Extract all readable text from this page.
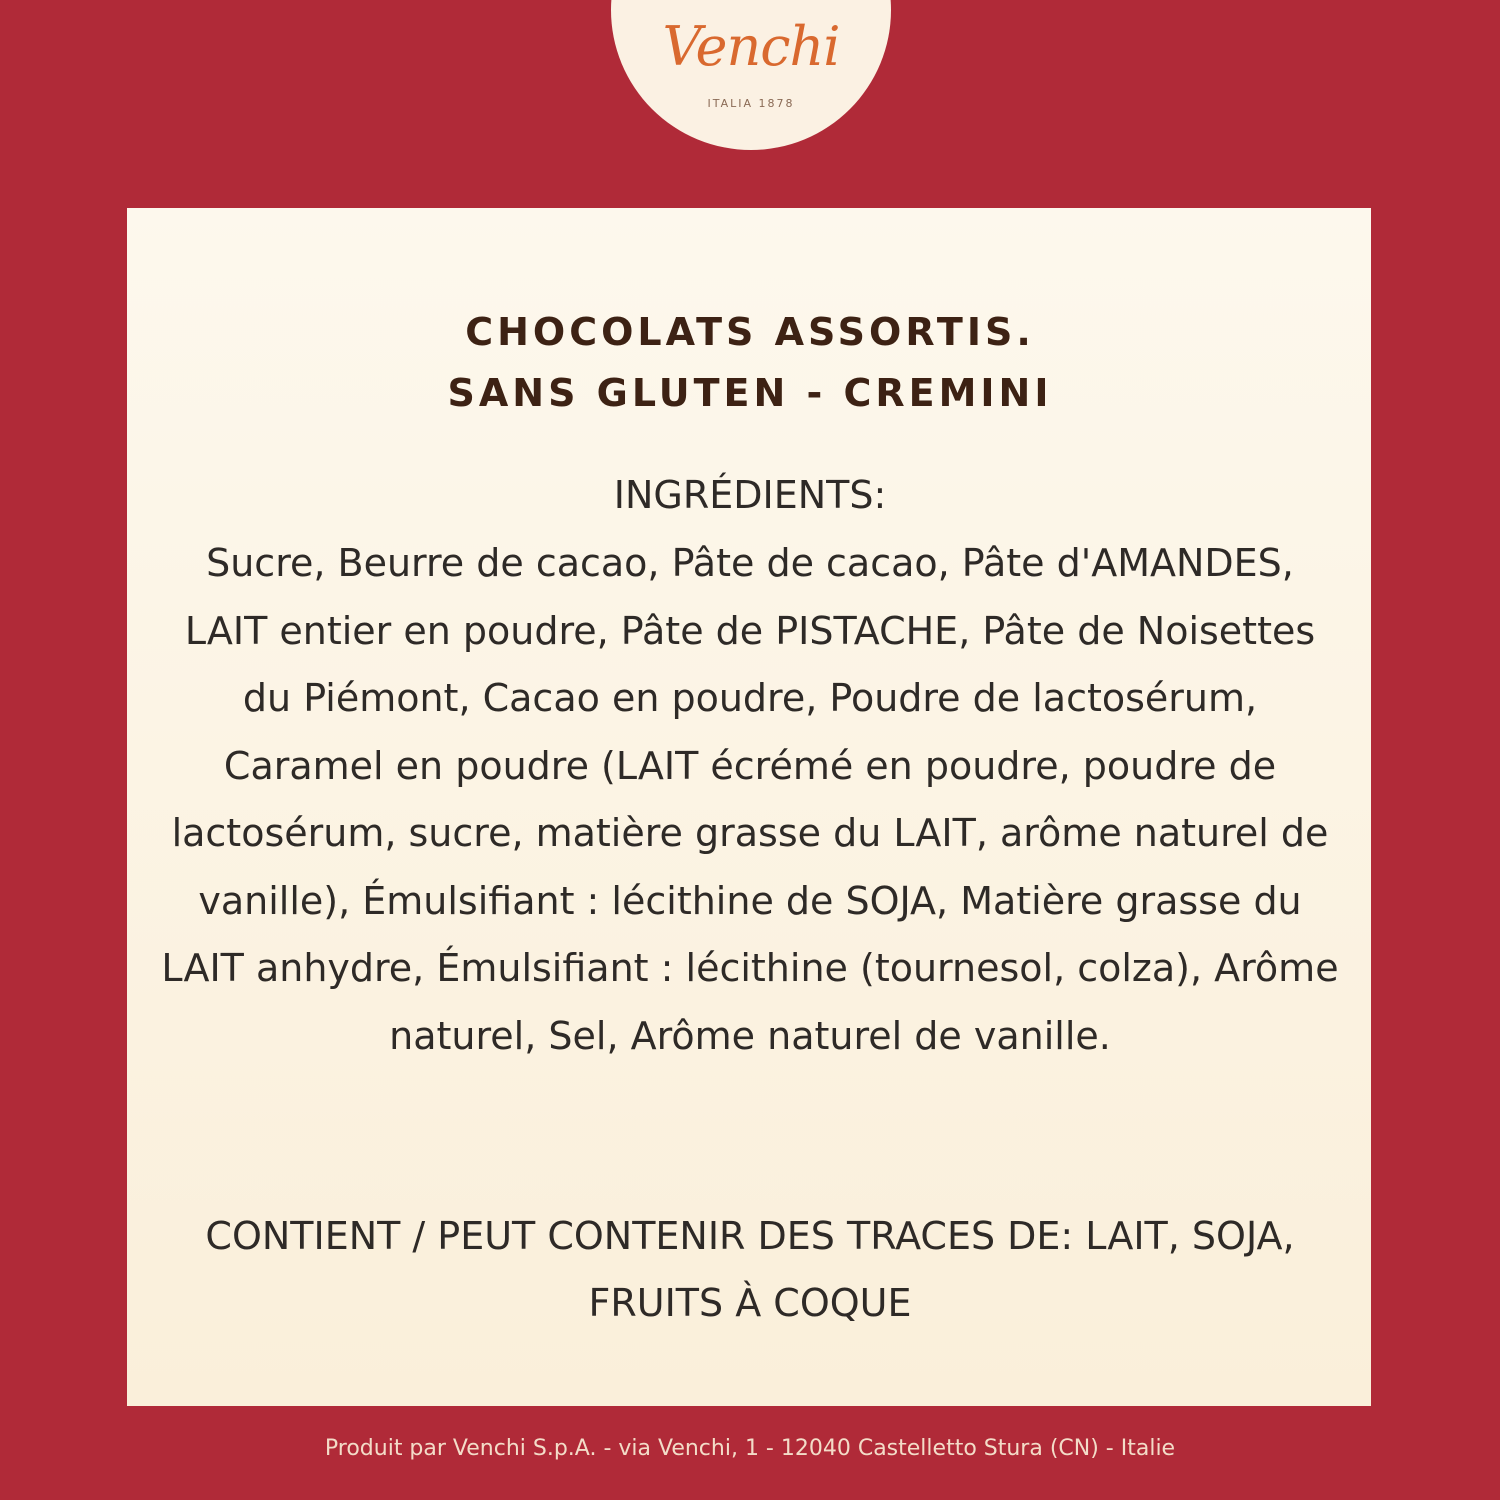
Venchi
ITALIA 1878
CHOCOLATS ASSORTIS.
SANS GLUTEN - CREMINI
INGRÉDIENTS:
Sucre, Beurre de cacao, Pâte de cacao, Pâte d'AMANDES, LAIT entier en poudre, Pâte de PISTACHE, Pâte de Noisettes du Piémont, Cacao en poudre, Poudre de lactosérum, Caramel en poudre (LAIT écrémé en poudre, poudre de lactosérum, sucre, matière grasse du LAIT, arôme naturel de vanille), Émulsifiant : lécithine de SOJA, Matière grasse du LAIT anhydre, Émulsifiant : lécithine (tournesol, colza), Arôme naturel, Sel, Arôme naturel de vanille.
CONTIENT / PEUT CONTENIR DES TRACES DE: LAIT, SOJA, FRUITS À COQUE
Produit par Venchi S.p.A. - via Venchi, 1 - 12040 Castelletto Stura (CN) - Italie
